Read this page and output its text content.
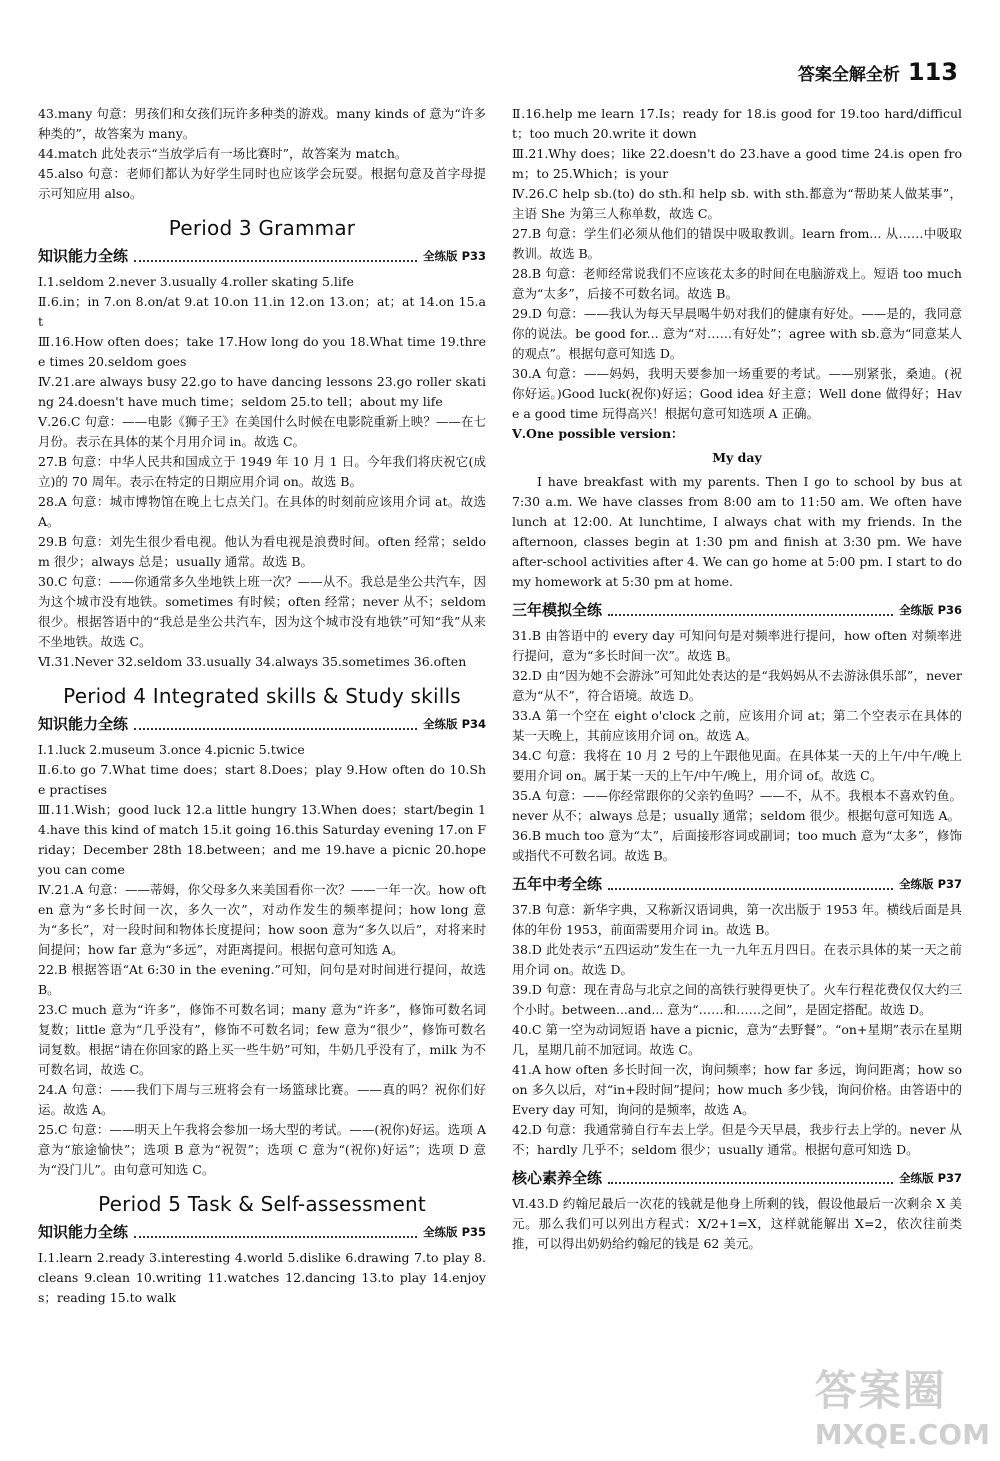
答案全解全析 113

43.many 句意：男孩们和女孩们玩许多种类的游戏。many kinds of 意为“许多种类的”，故答案为 many。

44.match 此处表示“当放学后有一场比赛时”，故答案为 match。

45.also 句意：老师们都认为好学生同时也应该学会玩耍。根据句意及首字母提示可知应用 also。

Period 3 Grammar
知识能力全练	全练版 P33

Ⅰ.1.seldom 2.never 3.usually 4.roller skating 5.life

Ⅱ.6.in；in 7.on 8.on/at 9.at 10.on 11.in 12.on 13.on；at；at 14.on 15.at

Ⅲ.16.How often does；take 17.How long do you 18.What time 19.three times 20.seldom goes

Ⅳ.21.are always busy 22.go to have dancing lessons 23.go roller skating 24.doesn't have much time；seldom 25.to tell；about my life

Ⅴ.26.C 句意：——电影《狮子王》在美国什么时候在电影院重新上映？——在七月份。表示在具体的某个月用介词 in。故选 C。

27.B 句意：中华人民共和国成立于 1949 年 10 月 1 日。今年我们将庆祝它(成立)的 70 周年。表示在特定的日期应用介词 on。故选 B。

28.A 句意：城市博物馆在晚上七点关门。在具体的时刻前应该用介词 at。故选 A。

29.B 句意：刘先生很少看电视。他认为看电视是浪费时间。often 经常；seldom 很少；always 总是；usually 通常。故选 B。

30.C 句意：——你通常多久坐地铁上班一次？——从不。我总是坐公共汽车，因为这个城市没有地铁。sometimes 有时候；often 经常；never 从不；seldom 很少。根据答语中的“我总是坐公共汽车，因为这个城市没有地铁”可知“我”从来不坐地铁。故选 C。

Ⅵ.31.Never 32.seldom 33.usually 34.always 35.sometimes 36.often

Period 4 Integrated skills & Study skills
知识能力全练	全练版 P34

Ⅰ.1.luck 2.museum 3.once 4.picnic 5.twice

Ⅱ.6.to go 7.What time does；start 8.Does；play 9.How often do 10.She practises

Ⅲ.11.Wish；good luck 12.a little hungry 13.When does；start/begin 14.have this kind of match 15.it going 16.this Saturday evening 17.on Friday；December 28th 18.between；and me 19.have a picnic 20.hope you can come

Ⅳ.21.A 句意：——蒂姆，你父母多久来美国看你一次？——一年一次。how often 意为“多长时间一次，多久一次”，对动作发生的频率提问；how long 意为“多长”，对一段时间和物体长度提问；how soon 意为“多久以后”，对将来时间提问；how far 意为“多远”，对距离提问。根据句意可知选 A。

22.B 根据答语“At 6:30 in the evening.”可知，问句是对时间进行提问，故选 B。

23.C much 意为“许多”，修饰不可数名词；many 意为“许多”，修饰可数名词复数；little 意为“几乎没有”，修饰不可数名词；few 意为“很少”，修饰可数名词复数。根据“请在你回家的路上买一些牛奶”可知，牛奶几乎没有了，milk 为不可数名词，故选 C。

24.A 句意：——我们下周与三班将会有一场篮球比赛。——真的吗？祝你们好运。故选 A。

25.C 句意：——明天上午我将会参加一场大型的考试。——(祝你)好运。选项 A 意为“旅途愉快”；选项 B 意为“祝贺”；选项 C 意为“(祝你)好运”；选项 D 意为“没门儿”。由句意可知选 C。

Period 5 Task & Self-assessment
知识能力全练	全练版 P35

Ⅰ.1.learn 2.ready 3.interesting 4.world 5.dislike 6.drawing 7.to play 8.cleans 9.clean 10.writing 11.watches 12.dancing 13.to play 14.enjoys；reading 15.to walk

Ⅱ.16.help me learn 17.Is；ready for 18.is good for 19.too hard/difficult；too much 20.write it down

Ⅲ.21.Why does；like 22.doesn't do 23.have a good time 24.is open from；to 25.Which；is your

Ⅳ.26.C help sb.(to) do sth.和 help sb. with sth.都意为“帮助某人做某事”，主语 She 为第三人称单数，故选 C。

27.B 句意：学生们必须从他们的错误中吸取教训。learn from... 从……中吸取教训。故选 B。

28.B 句意：老师经常说我们不应该花太多的时间在电脑游戏上。短语 too much 意为“太多”，后接不可数名词。故选 B。

29.D 句意：——我认为每天早晨喝牛奶对我们的健康有好处。——是的，我同意你的说法。be good for... 意为“对……有好处”；agree with sb.意为“同意某人的观点”。根据句意可知选 D。

30.A 句意：——妈妈，我明天要参加一场重要的考试。——别紧张，桑迪。(祝你好运。)Good luck(祝你)好运；Good idea 好主意；Well done 做得好；Have a good time 玩得高兴！根据句意可知选项 A 正确。

Ⅴ.One possible version：

My day

I have breakfast with my parents. Then I go to school by bus at 7:30 a.m. We have classes from 8:00 am to 11:50 am. We often have lunch at 12:00. At lunchtime, I always chat with my friends. In the afternoon, classes begin at 1:30 pm and finish at 3:30 pm. We have after-school activities after 4. We can go home at 5:00 pm. I start to do my homework at 5:30 pm at home.

三年模拟全练	全练版 P36

31.B 由答语中的 every day 可知问句是对频率进行提问，how often 对频率进行提问，意为“多长时间一次”。故选 B。

32.D 由“因为她不会游泳”可知此处表达的是“我妈妈从不去游泳俱乐部”，never 意为“从不”，符合语境。故选 D。

33.A 第一个空在 eight o'clock 之前，应该用介词 at；第二个空表示在具体的某一天晚上，其前应该用介词 on。故选 A。

34.C 句意：我将在 10 月 2 号的上午跟他见面。在具体某一天的上午/中午/晚上要用介词 on。属于某一天的上午/中午/晚上，用介词 of。故选 C。

35.A 句意：——你经常跟你的父亲钓鱼吗？——不，从不。我根本不喜欢钓鱼。never 从不；always 总是；usually 通常；seldom 很少。根据句意可知选 A。

36.B much too 意为“太”，后面接形容词或副词；too much 意为“太多”，修饰或指代不可数名词。故选 B。

五年中考全练	全练版 P37

37.B 句意：新华字典，又称新汉语词典，第一次出版于 1953 年。横线后面是具体的年份 1953，前面需要用介词 in。故选 B。

38.D 此处表示“五四运动”发生在一九一九年五月四日。在表示具体的某一天之前用介词 on。故选 D。

39.D 句意：现在青岛与北京之间的高铁行驶得更快了。火车行程花费仅仅大约三个小时。between...and... 意为“……和……之间”，是固定搭配。故选 D。

40.C 第一空为动词短语 have a picnic，意为“去野餐”。“on+星期”表示在星期几，星期几前不加冠词。故选 C。

41.A how often 多长时间一次，询问频率；how far 多远，询问距离；how soon 多久以后，对“in+段时间”提问；how much 多少钱，询问价格。由答语中的 Every day 可知，询问的是频率，故选 A。

42.D 句意：我通常骑自行车去上学。但是今天早晨，我步行去上学的。never 从不；hardly 几乎不；seldom 很少；usually 通常。根据句意可知选 D。

核心素养全练	全练版 P37

Ⅵ.43.D 约翰尼最后一次花的钱就是他身上所剩的钱，假设他最后一次剩余 X 美元。那么我们可以列出方程式：X/2+1=X，这样就能解出 X=2，依次往前类推，可以得出奶奶给约翰尼的钱是 62 美元。

答案圈
MXQE.COM
